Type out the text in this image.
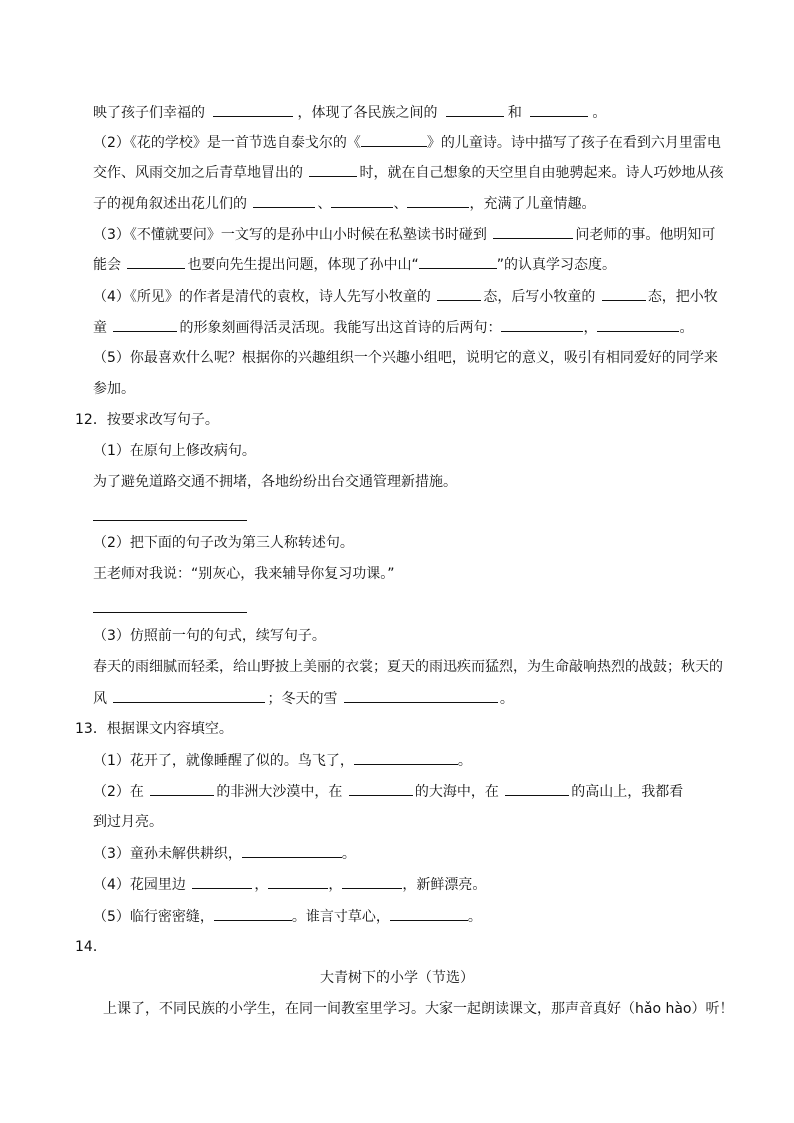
映了孩子们幸福的	，体现了各民族之间的	和	。
（2）《花的学校》是一首节选自泰戈尔的《	》的儿童诗。诗中描写了孩子在看到六月里雷电
交作、风雨交加之后青草地冒出的	时，就在自己想象的天空里自由驰骋起来。诗人巧妙地从孩
子的视角叙述出花儿们的	、	、	，充满了儿童情趣。
（3）《不懂就要问》一文写的是孙中山小时候在私塾读书时碰到	问老师的事。他明知可
能会	也要向先生提出问题，体现了孙中山“	”的认真学习态度。
（4）《所见》的作者是清代的袁枚，诗人先写小牧童的	态，后写小牧童的	态，把小牧
童	的形象刻画得活灵活现。我能写出这首诗的后两句：	，	。
（5）你最喜欢什么呢？根据你的兴趣组织一个兴趣小组吧，说明它的意义，吸引有相同爱好的同学来
参加。
12．按要求改写句子。
（1）在原句上修改病句。
为了避免道路交通不拥堵，各地纷纷出台交通管理新措施。
（2）把下面的句子改为第三人称转述句。
王老师对我说：“别灰心，我来辅导你复习功课。”
（3）仿照前一句的句式，续写句子。
春天的雨细腻而轻柔，给山野披上美丽的衣裳；夏天的雨迅疾而猛烈，为生命敲响热烈的战鼓；秋天的
风	；冬天的雪	。
13．根据课文内容填空。
（1）花开了，就像睡醒了似的。鸟飞了，	。
（2）在	的非洲大沙漠中，在	的大海中，在	的高山上，我都看
到过月亮。
（3）童孙未解供耕织，	。
（4）花园里边	，	，	，新鲜漂亮。
（5）临行密密缝，	。谁言寸草心，	。
14．
大青树下的小学（节选）
上课了，不同民族的小学生，在同一间教室里学习。大家一起朗读课文，那声音真好（hǎo hào）听！
